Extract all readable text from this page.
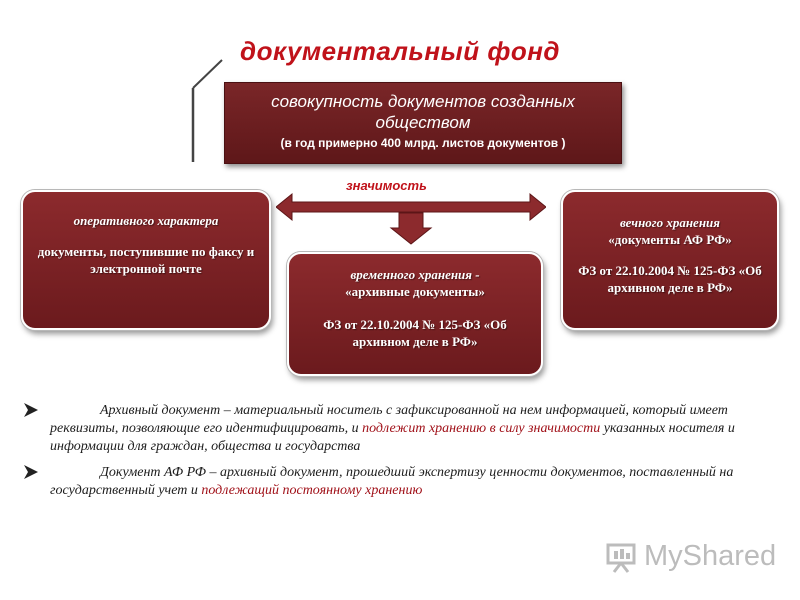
документальный фонд
совокупность документов созданных обществом
(в год примерно 400 млрд. листов документов )
значимость
оперативного характера
документы, поступившие по факсу и электронной почте	временного хранения -
«архивные документы»
ФЗ от 22.10.2004 № 125-ФЗ «Об архивном деле в РФ»
вечного хранения
«документы АФ РФ»
ФЗ от 22.10.2004 № 125-ФЗ «Об архивном деле в РФ»
Архивный документ – материальный носитель с зафиксированной на нем информацией, который имеет реквизиты, позволяющие его идентифицировать, и подлежит хранению в силу значимости указанных носителя и информации для граждан, общества и государства
Документ АФ РФ – архивный документ, прошедший экспертизу ценности документов, поставленный на государственный учет и подлежащий постоянному хранению
MyShared
